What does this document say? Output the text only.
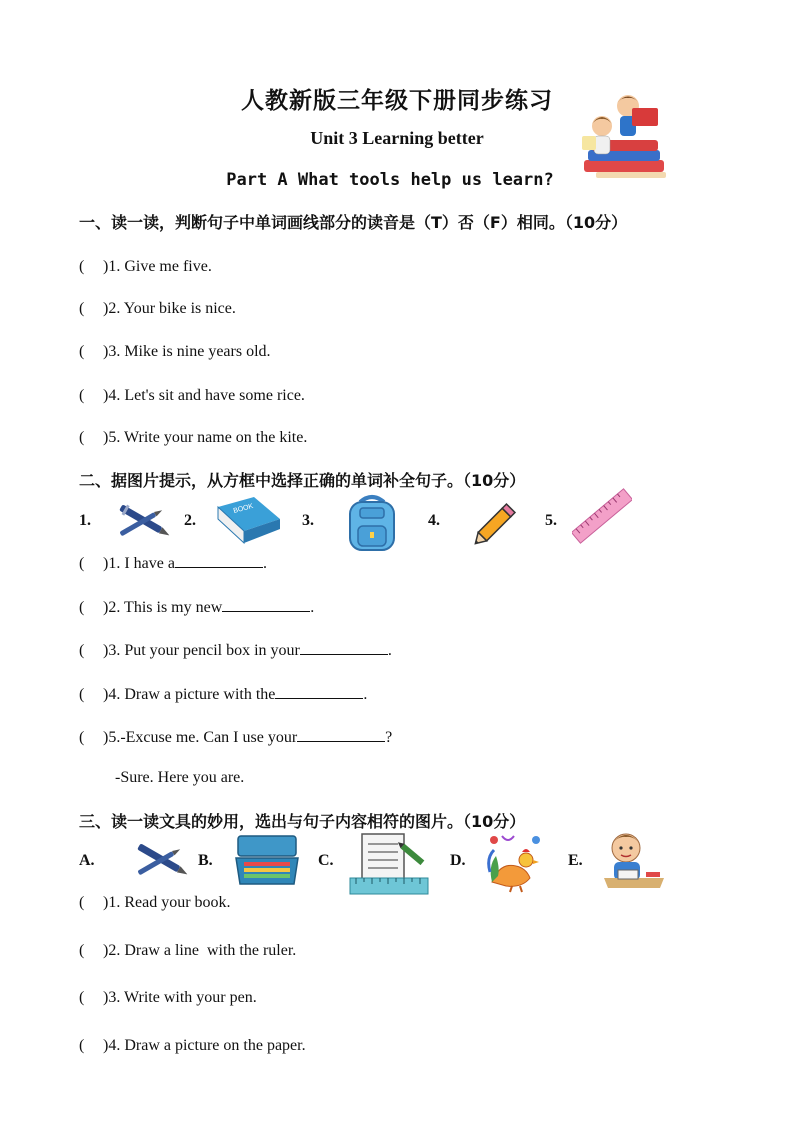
人教新版三年级下册同步练习
Unit 3 Learning better
Part A What tools help us learn?
一、读一读，判断句子中单词画线部分的读音是（T）否（F）相同。（10分）
( )1. Give me five.
( )2. Your bike is nice.
( )3. Mike is nine years old.
( )4. Let's sit and have some rice.
( )5. Write your name on the kite.
二、据图片提示，从方框中选择正确的单词补全句子。（10分）
1.	2.
BOOK
3.	4.	5.
( )1. I have a	.
( )2. This is my new	.
( )3. Put your pencil box in your	.
( )4. Draw a picture with the	.
( )5.-Excuse me. Can I use your	?
-Sure. Here you are.
三、读一读文具的妙用，选出与句子内容相符的图片。（10分）
A.	B.	C.	D.	E.
( )1. Read your book.
( )2. Draw a line  with the ruler.
( )3. Write with your pen.
( )4. Draw a picture on the paper.
